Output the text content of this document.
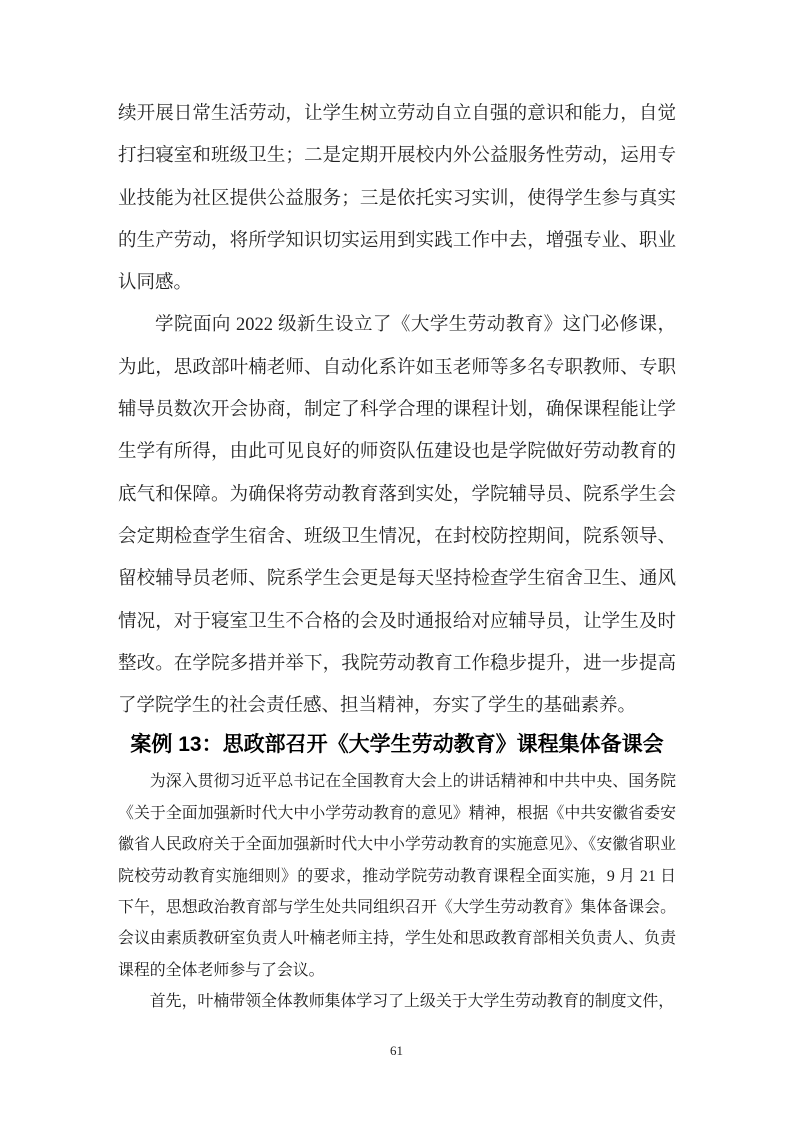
续开展日常生活劳动，让学生树立劳动自立自强的意识和能力，自觉打扫寝室和班级卫生；二是定期开展校内外公益服务性劳动，运用专业技能为社区提供公益服务；三是依托实习实训，使得学生参与真实的生产劳动，将所学知识切实运用到实践工作中去，增强专业、职业认同感。

学院面向 2022 级新生设立了《大学生劳动教育》这门必修课，为此，思政部叶楠老师、自动化系许如玉老师等多名专职教师、专职辅导员数次开会协商，制定了科学合理的课程计划，确保课程能让学生学有所得，由此可见良好的师资队伍建设也是学院做好劳动教育的底气和保障。为确保将劳动教育落到实处，学院辅导员、院系学生会会定期检查学生宿舍、班级卫生情况，在封校防控期间，院系领导、留校辅导员老师、院系学生会更是每天坚持检查学生宿舍卫生、通风情况，对于寝室卫生不合格的会及时通报给对应辅导员，让学生及时整改。在学院多措并举下，我院劳动教育工作稳步提升，进一步提高了学院学生的社会责任感、担当精神，夯实了学生的基础素养。

案例 13：思政部召开《大学生劳动教育》课程集体备课会

为深入贯彻习近平总书记在全国教育大会上的讲话精神和中共中央、国务院《关于全面加强新时代大中小学劳动教育的意见》精神，根据《中共安徽省委安徽省人民政府关于全面加强新时代大中小学劳动教育的实施意见》、《安徽省职业院校劳动教育实施细则》的要求，推动学院劳动教育课程全面实施，9 月 21 日下午，思想政治教育部与学生处共同组织召开《大学生劳动教育》集体备课会。会议由素质教研室负责人叶楠老师主持，学生处和思政教育部相关负责人、负责课程的全体老师参与了会议。

首先，叶楠带领全体教师集体学习了上级关于大学生劳动教育的制度文件，

61
